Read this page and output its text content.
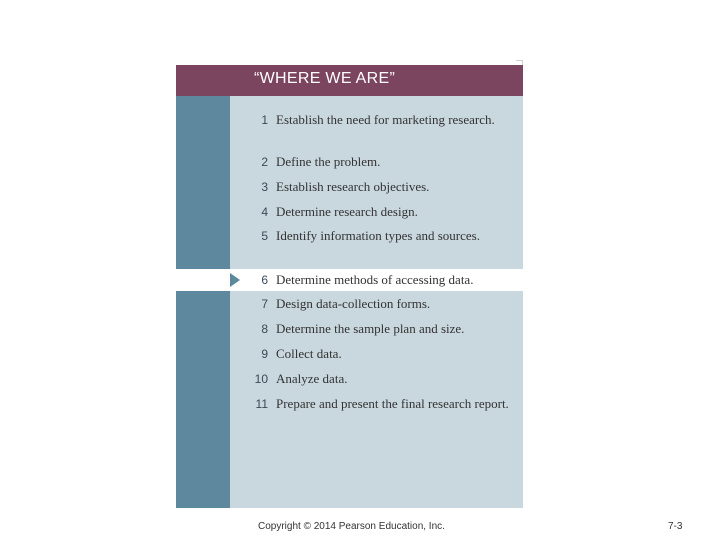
“WHERE WE ARE”
1 Establish the need for marketing research.
2 Define the problem.
3 Establish research objectives.
4 Determine research design.
5 Identify information types and sources.
6 Determine methods of accessing data.
7 Design data-collection forms.
8 Determine the sample plan and size.
9 Collect data.
10 Analyze data.
11 Prepare and present the final research report.
Copyright © 2014 Pearson Education, Inc.	7-3
